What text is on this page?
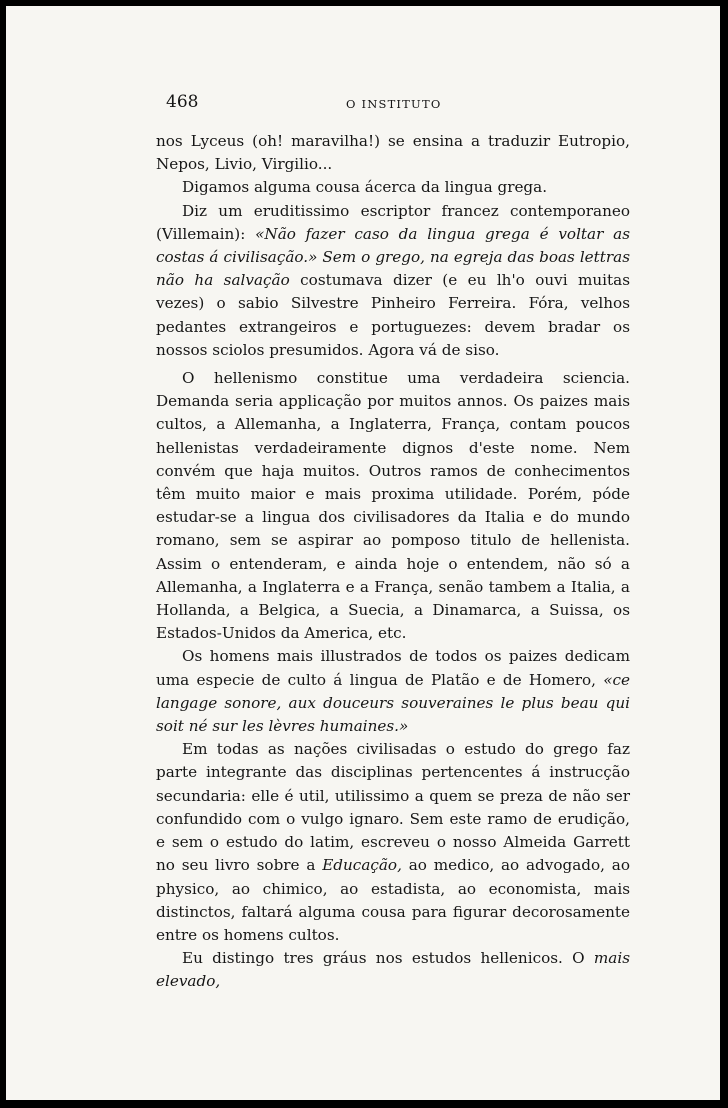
468	O INSTITUTO

nos Lyceus (oh! maravilha!) se ensina a traduzir Eutropio, Nepos, Livio, Virgilio...

Digamos alguma cousa ácerca da lingua grega.

Diz um eruditissimo escriptor francez contemporaneo (Villemain): «Não fazer caso da lingua grega é voltar as costas á civilisação.» Sem o grego, na egreja das boas lettras não ha salvação costumava dizer (e eu lh'o ouvi muitas vezes) o sabio Silvestre Pinheiro Ferreira. Fóra, velhos pedantes extrangeiros e portuguezes: devem bradar os nossos sciolos presumidos. Agora vá de siso.

O hellenismo constitue uma verdadeira sciencia. Demanda seria applicação por muitos annos. Os paizes mais cultos, a Allemanha, a Inglaterra, França, contam poucos hellenistas verdadeiramente dignos d'este nome. Nem convém que haja muitos. Outros ramos de conhecimentos têm muito maior e mais proxima utilidade. Porém, póde estudar-se a lingua dos civilisadores da Italia e do mundo romano, sem se aspirar ao pomposo titulo de hellenista. Assim o entenderam, e ainda hoje o entendem, não só a Allemanha, a Inglaterra e a França, senão tambem a Italia, a Hollanda, a Belgica, a Suecia, a Dinamarca, a Suissa, os Estados-Unidos da America, etc.

Os homens mais illustrados de todos os paizes dedicam uma especie de culto á lingua de Platão e de Homero, «ce langage sonore, aux douceurs souveraines le plus beau qui soit né sur les lèvres humaines.»

Em todas as nações civilisadas o estudo do grego faz parte integrante das disciplinas pertencentes á instrucção secundaria: elle é util, utilissimo a quem se preza de não ser confundido com o vulgo ignaro. Sem este ramo de erudição, e sem o estudo do latim, escreveu o nosso Almeida Garrett no seu livro sobre a Educação, ao medico, ao advogado, ao physico, ao chimico, ao estadista, ao economista, mais distinctos, faltará alguma cousa para figurar decorosamente entre os homens cultos.

Eu distingo tres gráus nos estudos hellenicos. O mais elevado,
